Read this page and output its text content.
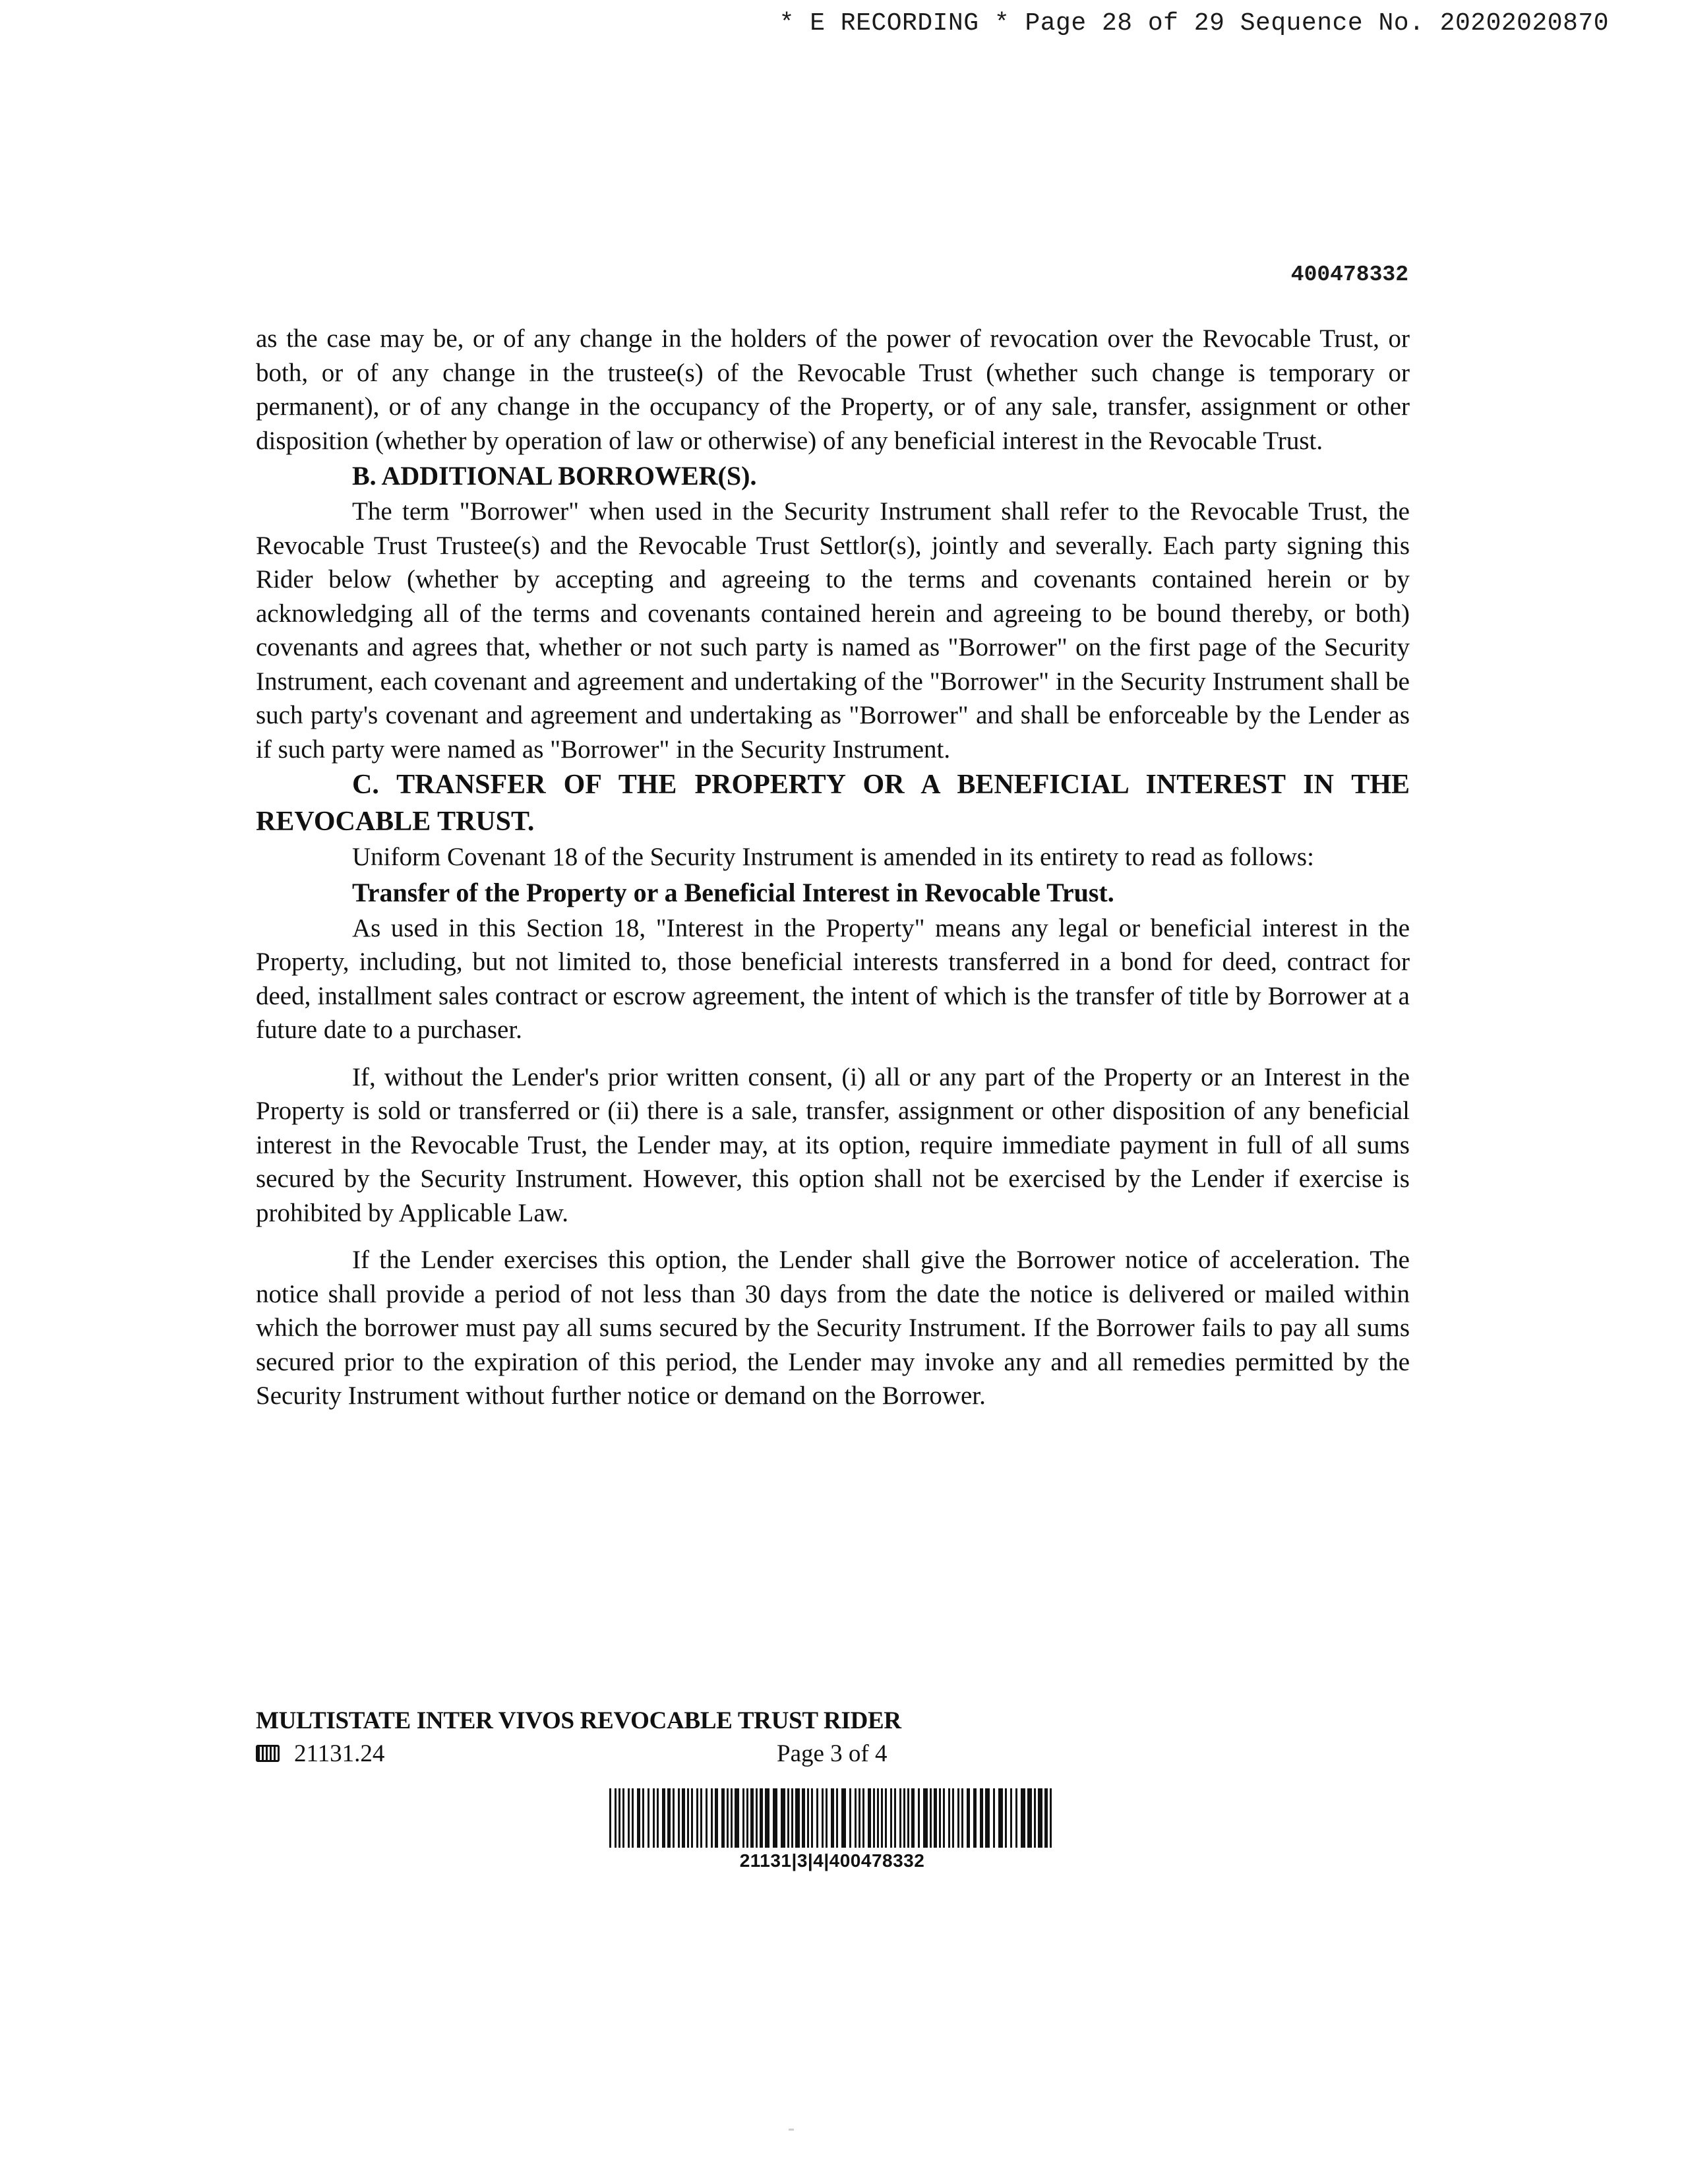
* E RECORDING * Page 28 of 29 Sequence No. 20202020870
400478332

as the case may be, or of any change in the holders of the power of revocation over the Revocable Trust, or both, or of any change in the trustee(s) of the Revocable Trust (whether such change is temporary or permanent), or of any change in the occupancy of the Property, or of any sale, transfer, assignment or other disposition (whether by operation of law or otherwise) of any beneficial interest in the Revocable Trust.

B. ADDITIONAL BORROWER(S).

The term "Borrower" when used in the Security Instrument shall refer to the Revocable Trust, the Revocable Trust Trustee(s) and the Revocable Trust Settlor(s), jointly and severally. Each party signing this Rider below (whether by accepting and agreeing to the terms and covenants contained herein or by acknowledging all of the terms and covenants contained herein and agreeing to be bound thereby, or both) covenants and agrees that, whether or not such party is named as "Borrower" on the first page of the Security Instrument, each covenant and agreement and undertaking of the "Borrower" in the Security Instrument shall be such party's covenant and agreement and undertaking as "Borrower" and shall be enforceable by the Lender as if such party were named as "Borrower" in the Security Instrument.

C. TRANSFER OF THE PROPERTY OR A BENEFICIAL INTEREST IN THE REVOCABLE TRUST.

Uniform Covenant 18 of the Security Instrument is amended in its entirety to read as follows:

Transfer of the Property or a Beneficial Interest in Revocable Trust.

As used in this Section 18, "Interest in the Property" means any legal or beneficial interest in the Property, including, but not limited to, those beneficial interests transferred in a bond for deed, contract for deed, installment sales contract or escrow agreement, the intent of which is the transfer of title by Borrower at a future date to a purchaser.

If, without the Lender's prior written consent, (i) all or any part of the Property or an Interest in the Property is sold or transferred or (ii) there is a sale, transfer, assignment or other disposition of any beneficial interest in the Revocable Trust, the Lender may, at its option, require immediate payment in full of all sums secured by the Security Instrument. However, this option shall not be exercised by the Lender if exercise is prohibited by Applicable Law.

If the Lender exercises this option, the Lender shall give the Borrower notice of acceleration. The notice shall provide a period of not less than 30 days from the date the notice is delivered or mailed within which the borrower must pay all sums secured by the Security Instrument. If the Borrower fails to pay all sums secured prior to the expiration of this period, the Lender may invoke any and all remedies permitted by the Security Instrument without further notice or demand on the Borrower.

MULTISTATE INTER VIVOS REVOCABLE TRUST RIDER
21131.24	Page 3 of 4
21131|3|4|400478332
